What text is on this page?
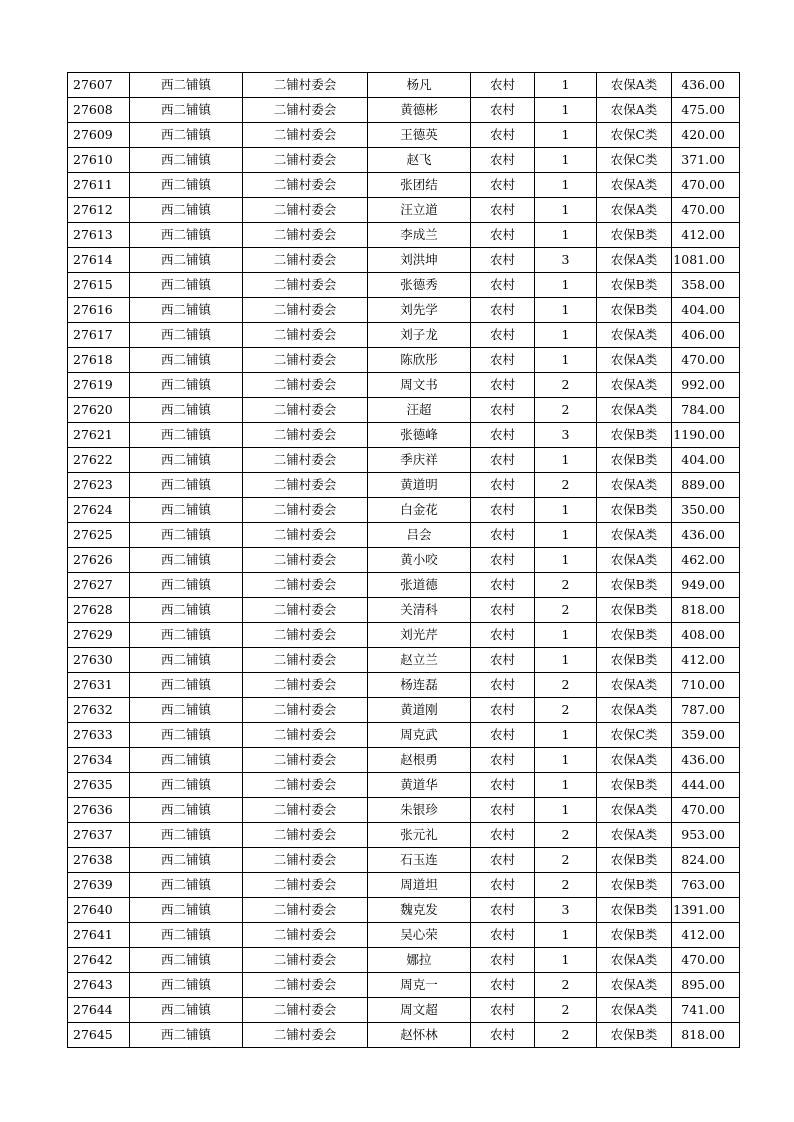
27607	西二铺镇	二铺村委会	杨凡	农村	1	农保A类	436.00
27608	西二铺镇	二铺村委会	黄德彬	农村	1	农保A类	475.00
27609	西二铺镇	二铺村委会	王德英	农村	1	农保C类	420.00
27610	西二铺镇	二铺村委会	赵飞	农村	1	农保C类	371.00
27611	西二铺镇	二铺村委会	张团结	农村	1	农保A类	470.00
27612	西二铺镇	二铺村委会	汪立道	农村	1	农保A类	470.00
27613	西二铺镇	二铺村委会	李成兰	农村	1	农保B类	412.00
27614	西二铺镇	二铺村委会	刘洪坤	农村	3	农保A类	1081.00
27615	西二铺镇	二铺村委会	张德秀	农村	1	农保B类	358.00
27616	西二铺镇	二铺村委会	刘先学	农村	1	农保B类	404.00
27617	西二铺镇	二铺村委会	刘子龙	农村	1	农保A类	406.00
27618	西二铺镇	二铺村委会	陈欣彤	农村	1	农保A类	470.00
27619	西二铺镇	二铺村委会	周文书	农村	2	农保A类	992.00
27620	西二铺镇	二铺村委会	汪超	农村	2	农保A类	784.00
27621	西二铺镇	二铺村委会	张德峰	农村	3	农保B类	1190.00
27622	西二铺镇	二铺村委会	季庆祥	农村	1	农保B类	404.00
27623	西二铺镇	二铺村委会	黄道明	农村	2	农保A类	889.00
27624	西二铺镇	二铺村委会	白金花	农村	1	农保B类	350.00
27625	西二铺镇	二铺村委会	吕会	农村	1	农保A类	436.00
27626	西二铺镇	二铺村委会	黄小咬	农村	1	农保A类	462.00
27627	西二铺镇	二铺村委会	张道德	农村	2	农保B类	949.00
27628	西二铺镇	二铺村委会	关清科	农村	2	农保B类	818.00
27629	西二铺镇	二铺村委会	刘光芹	农村	1	农保B类	408.00
27630	西二铺镇	二铺村委会	赵立兰	农村	1	农保B类	412.00
27631	西二铺镇	二铺村委会	杨连磊	农村	2	农保A类	710.00
27632	西二铺镇	二铺村委会	黄道刚	农村	2	农保A类	787.00
27633	西二铺镇	二铺村委会	周克武	农村	1	农保C类	359.00
27634	西二铺镇	二铺村委会	赵根勇	农村	1	农保A类	436.00
27635	西二铺镇	二铺村委会	黄道华	农村	1	农保B类	444.00
27636	西二铺镇	二铺村委会	朱银珍	农村	1	农保A类	470.00
27637	西二铺镇	二铺村委会	张元礼	农村	2	农保A类	953.00
27638	西二铺镇	二铺村委会	石玉连	农村	2	农保B类	824.00
27639	西二铺镇	二铺村委会	周道坦	农村	2	农保B类	763.00
27640	西二铺镇	二铺村委会	魏克发	农村	3	农保B类	1391.00
27641	西二铺镇	二铺村委会	吴心荣	农村	1	农保B类	412.00
27642	西二铺镇	二铺村委会	娜拉	农村	1	农保A类	470.00
27643	西二铺镇	二铺村委会	周克一	农村	2	农保A类	895.00
27644	西二铺镇	二铺村委会	周文超	农村	2	农保A类	741.00
27645	西二铺镇	二铺村委会	赵怀林	农村	2	农保B类	818.00
